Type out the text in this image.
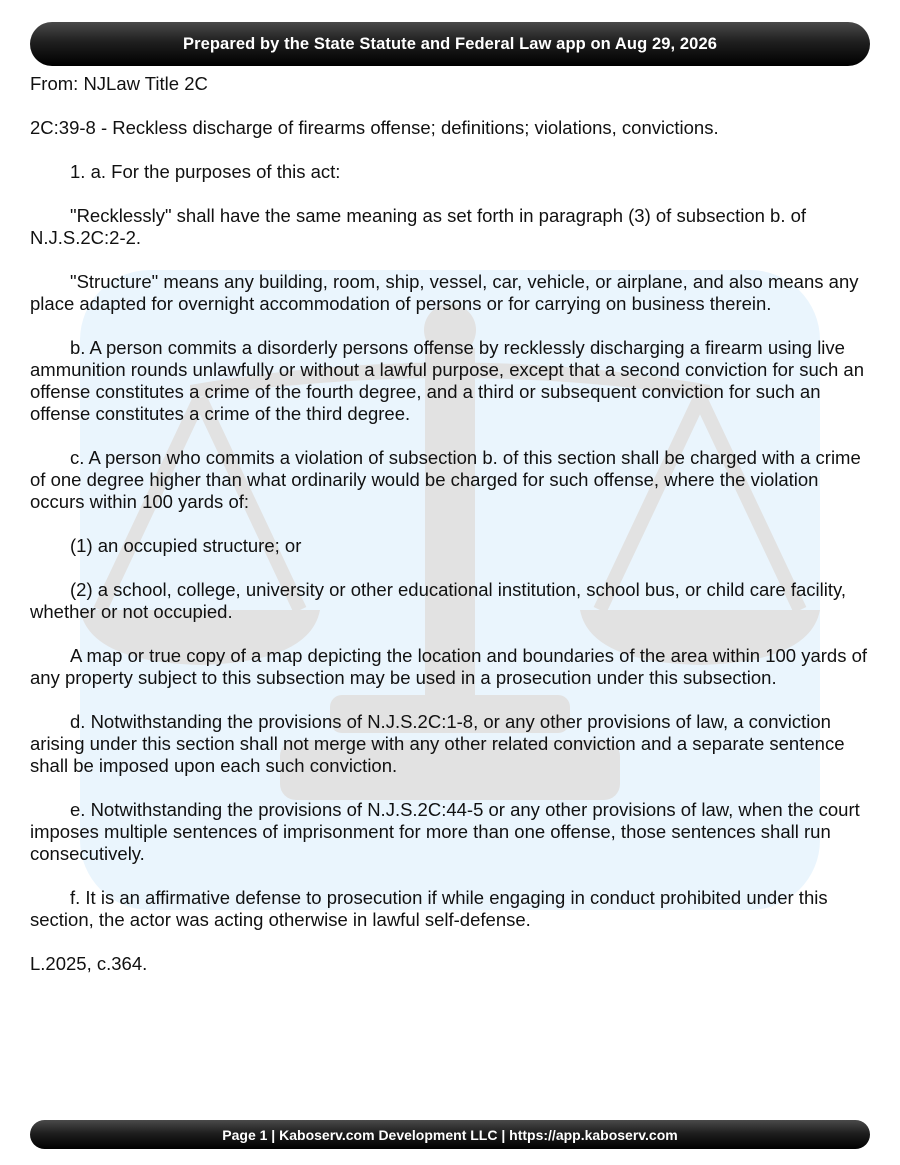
Prepared by the State Statute and Federal Law app on Aug 29, 2026

From: NJLaw Title 2C

2C:39-8 - Reckless discharge of firearms offense; definitions; violations, convictions.

1. a. For the purposes of this act:

"Recklessly" shall have the same meaning as set forth in paragraph (3) of subsection b. of N.J.S.2C:2-2.

"Structure" means any building, room, ship, vessel, car, vehicle, or airplane, and also means any place adapted for overnight accommodation of persons or for carrying on business therein.

b. A person commits a disorderly persons offense by recklessly discharging a firearm using live ammunition rounds unlawfully or without a lawful purpose, except that a second conviction for such an offense constitutes a crime of the fourth degree, and a third or subsequent conviction for such an offense constitutes a crime of the third degree.

c. A person who commits a violation of subsection b. of this section shall be charged with a crime of one degree higher than what ordinarily would be charged for such offense, where the violation occurs within 100 yards of:

(1) an occupied structure; or

(2) a school, college, university or other educational institution, school bus, or child care facility, whether or not occupied.

A map or true copy of a map depicting the location and boundaries of the area within 100 yards of any property subject to this subsection may be used in a prosecution under this subsection.

d. Notwithstanding the provisions of N.J.S.2C:1-8, or any other provisions of law, a conviction arising under this section shall not merge with any other related conviction and a separate sentence shall be imposed upon each such conviction.

e. Notwithstanding the provisions of N.J.S.2C:44-5 or any other provisions of law, when the court imposes multiple sentences of imprisonment for more than one offense, those sentences shall run consecutively.

f. It is an affirmative defense to prosecution if while engaging in conduct prohibited under this section, the actor was acting otherwise in lawful self-defense.

L.2025, c.364.

Page 1 | Kaboserv.com Development LLC | https://app.kaboserv.com
